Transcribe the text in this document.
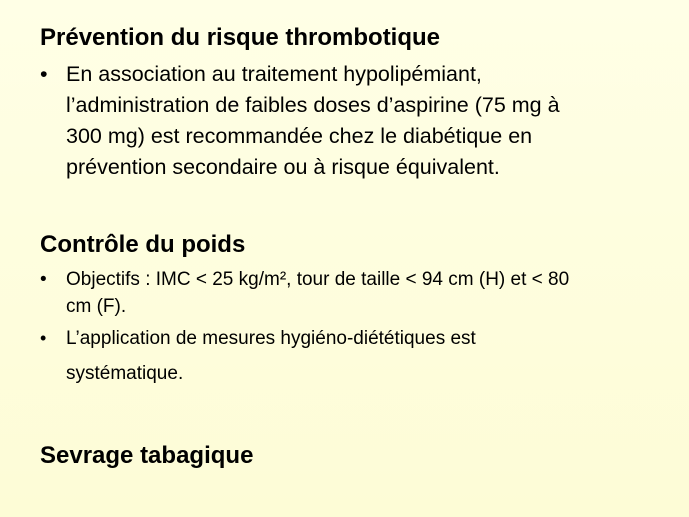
Prévention du risque thrombotique
• En association au traitement hypolipémiant,
l’administration de faibles doses d’aspirine (75 mg à
300 mg) est recommandée chez le diabétique en
prévention secondaire ou à risque équivalent.
Contrôle du poids
•	Objectifs : IMC < 25 kg/m², tour de taille < 94 cm (H) et < 80
cm (F).
•	L’application de mesures hygiéno-diététiques est
systématique.
Sevrage tabagique
